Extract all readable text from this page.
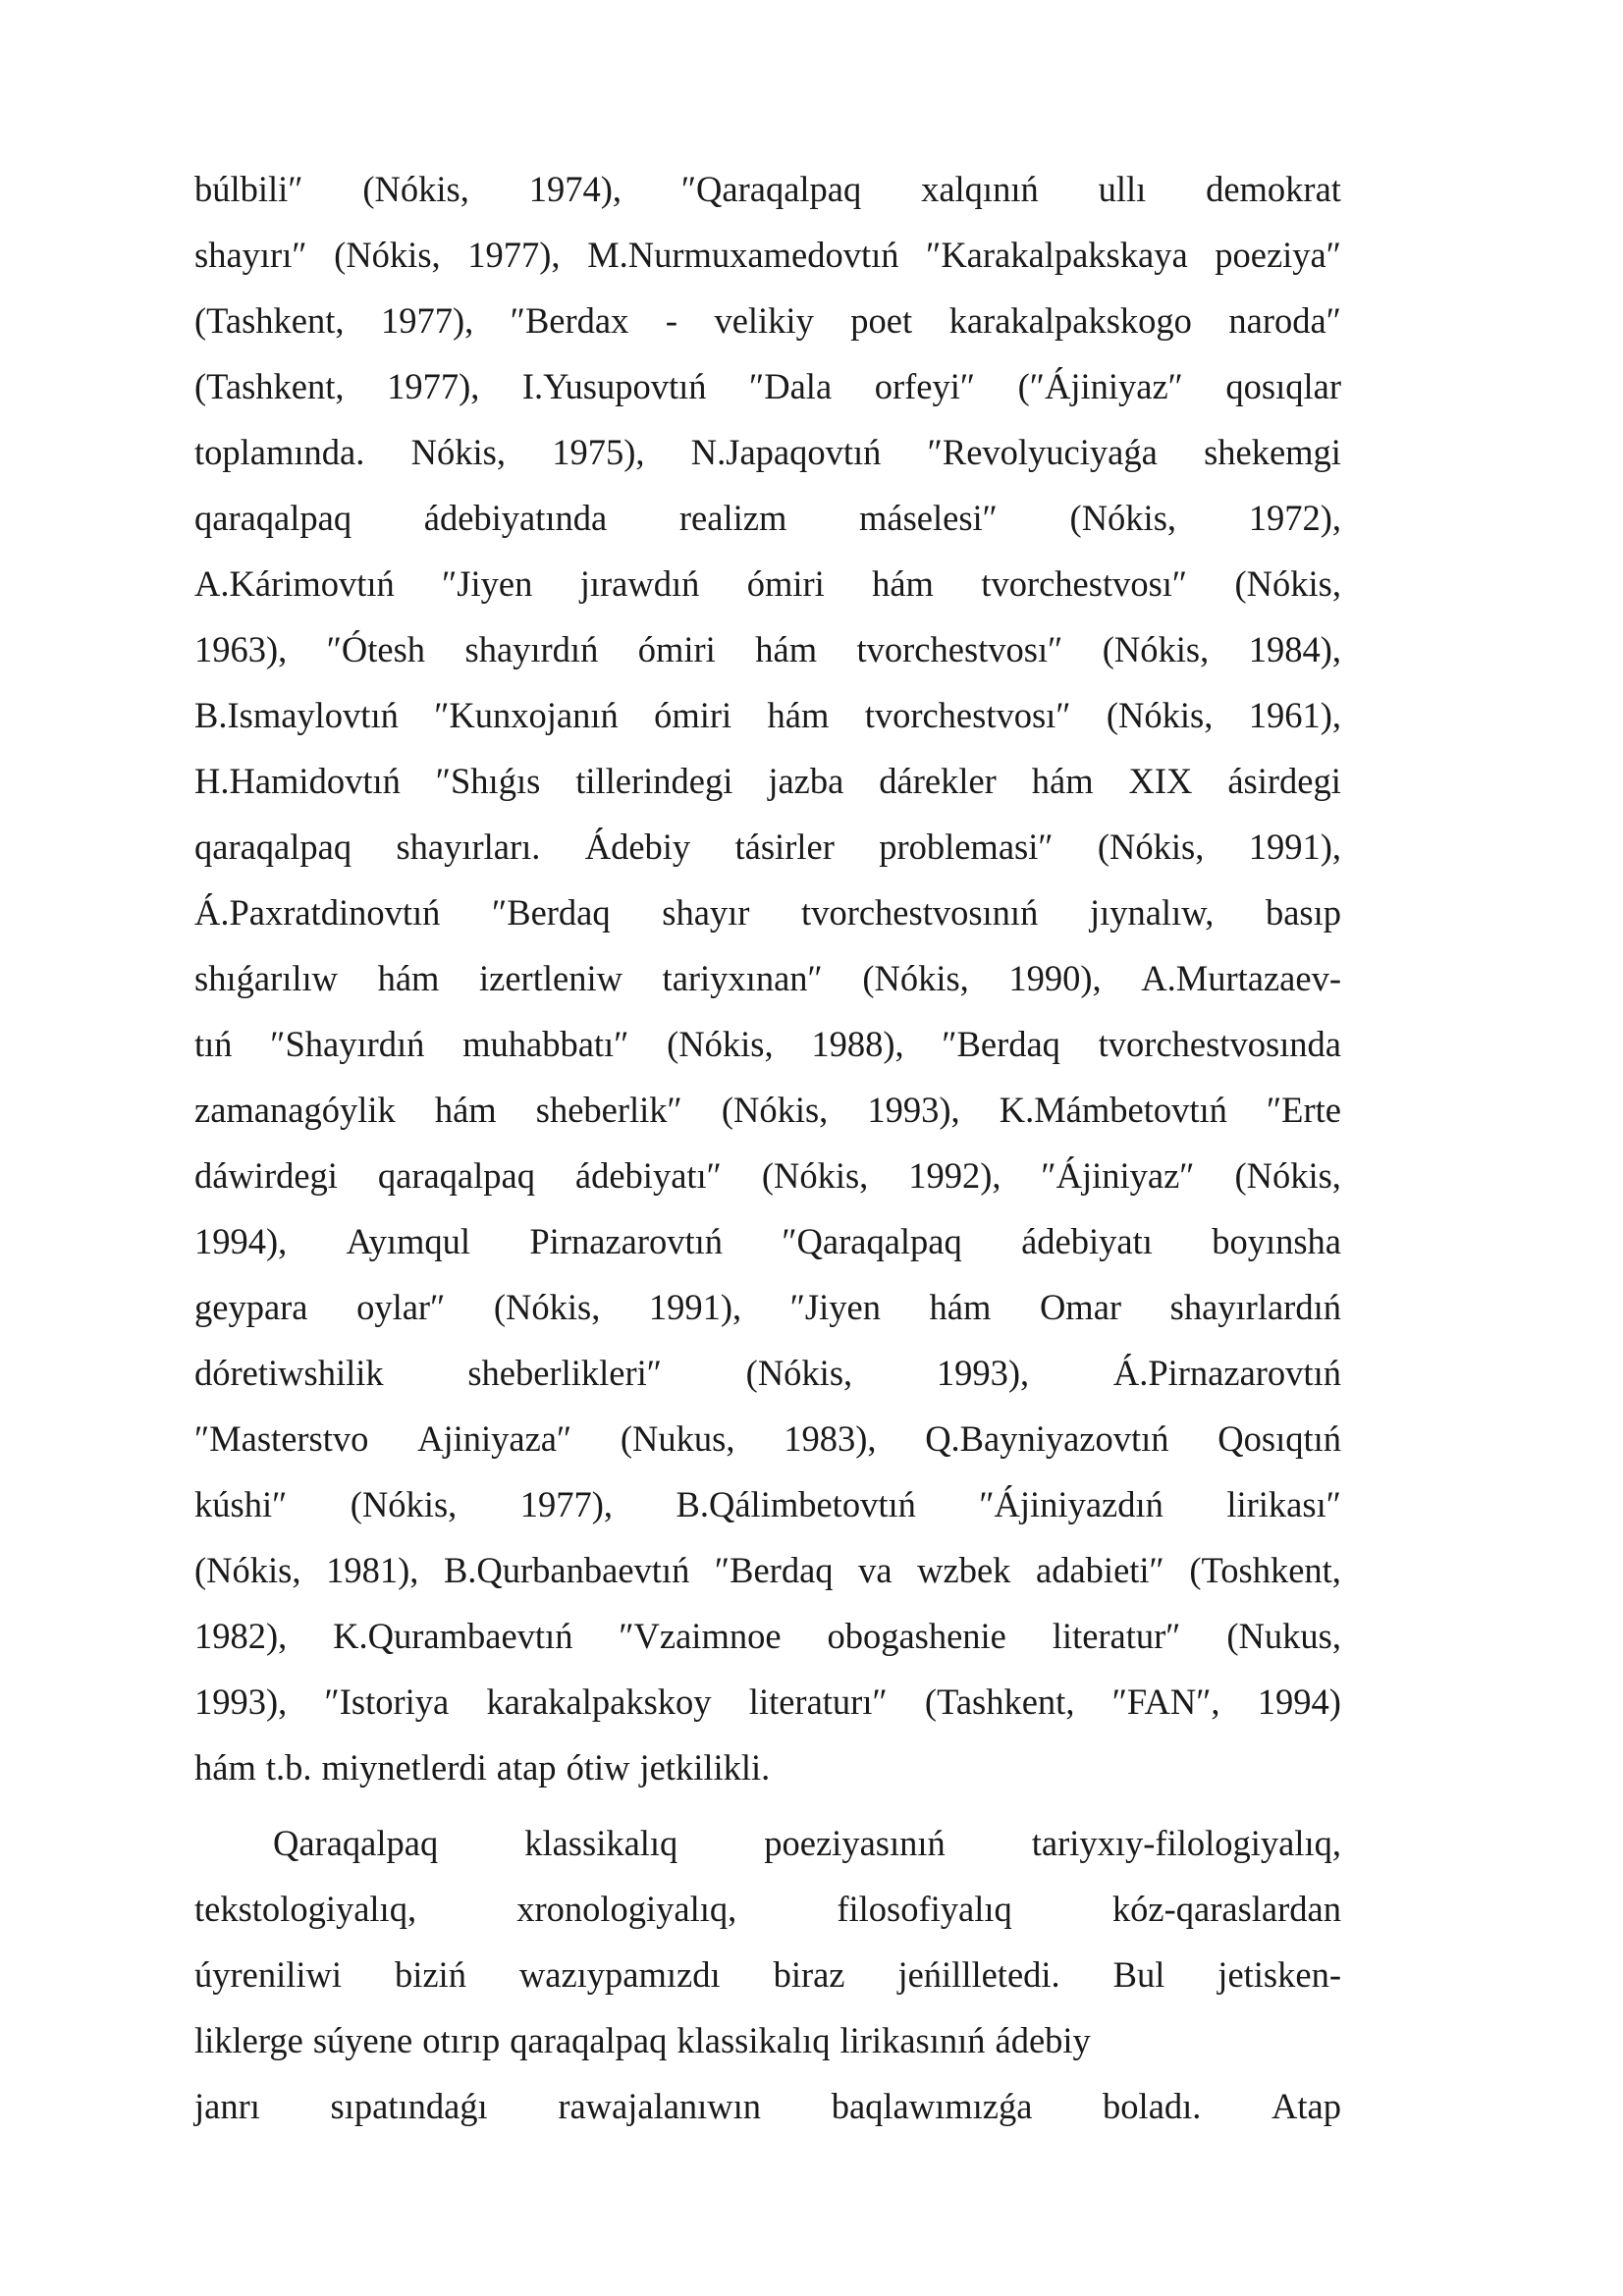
búlbili″ (Nókis, 1974), ″Qaraqalpaq xalqınıń ullı demokrat
shayırı″ (Nókis, 1977), M.Nurmuxamedovtıń ″Karakalpakskaya poeziya″
(Tashkent, 1977), ″Berdax - velikiy poet karakalpakskogo naroda″
(Tashkent, 1977), I.Yusupovtıń ″Dala orfeyi″ (″Ájiniyaz″ qosıqlar
toplamında. Nókis, 1975), N.Japaqovtıń ″Revolyuciyaǵa shekemgi
qaraqalpaq ádebiyatında realizm máselesi″ (Nókis, 1972),
A.Kárimovtıń ″Jiyen jırawdıń ómiri hám tvorchestvosı″ (Nókis,
1963), ″Ótesh shayırdıń ómiri hám tvorchestvosı″ (Nókis, 1984),
B.Ismaylovtıń ″Kunxojanıń ómiri hám tvorchestvosı″ (Nókis, 1961),
H.Hamidovtıń ″Shıǵıs tillerindegi jazba dárekler hám XIX ásirdegi
qaraqalpaq shayırları. Ádebiy tásirler problemasi″ (Nókis, 1991),
Á.Paxratdinovtıń ″Berdaq shayır tvorchestvosınıń jıynalıw, basıp
shıǵarılıw hám izertleniw tariyxınan″ (Nókis, 1990), A.Murtazaev-
tıń ″Shayırdıń muhabbatı″ (Nókis, 1988), ″Berdaq tvorchestvosında
zamanagóylik hám sheberlik″ (Nókis, 1993), K.Mámbetovtıń ″Erte
dáwirdegi qaraqalpaq ádebiyatı″ (Nókis, 1992), ″Ájiniyaz″ (Nókis,
1994), Ayımqul Pirnazarovtıń ″Qaraqalpaq ádebiyatı boyınsha
geypara oylar″ (Nókis, 1991), ″Jiyen hám Omar shayırlardıń
dóretiwshilik sheberlikleri″ (Nókis, 1993), Á.Pirnazarovtıń
″Masterstvo Ajiniyaza″ (Nukus, 1983), Q.Bayniyazovtıń Qosıqtıń
kúshi″ (Nókis, 1977), B.Qálimbetovtıń ″Ájiniyazdıń lirikası″
(Nókis, 1981), B.Qurbanbaevtıń ″Berdaq va wzbek adabieti″ (Toshkent,
1982), K.Qurambaevtıń ″Vzaimnoe obogashenie literatur″ (Nukus,
1993), ″Istoriya karakalpakskoy literaturı″ (Tashkent, ″FAN″, 1994)
hám t.b. miynetlerdi atap ótiw jetkilikli.
Qaraqalpaq klassikalıq poeziyasınıń tariyxıy-filologiyalıq,
tekstologiyalıq,	xronologiyalıq,	filosofiyalıq	kóz-qaraslardan
úyreniliwi biziń wazıypamızdı biraz jeńillletedi. Bul jetisken-
liklerge súyene otırıp qaraqalpaq klassikalıq lirikasınıń ádebiy
janrı sıpatındaǵı rawajalanıwın baqlawımızǵa boladı. Atap
